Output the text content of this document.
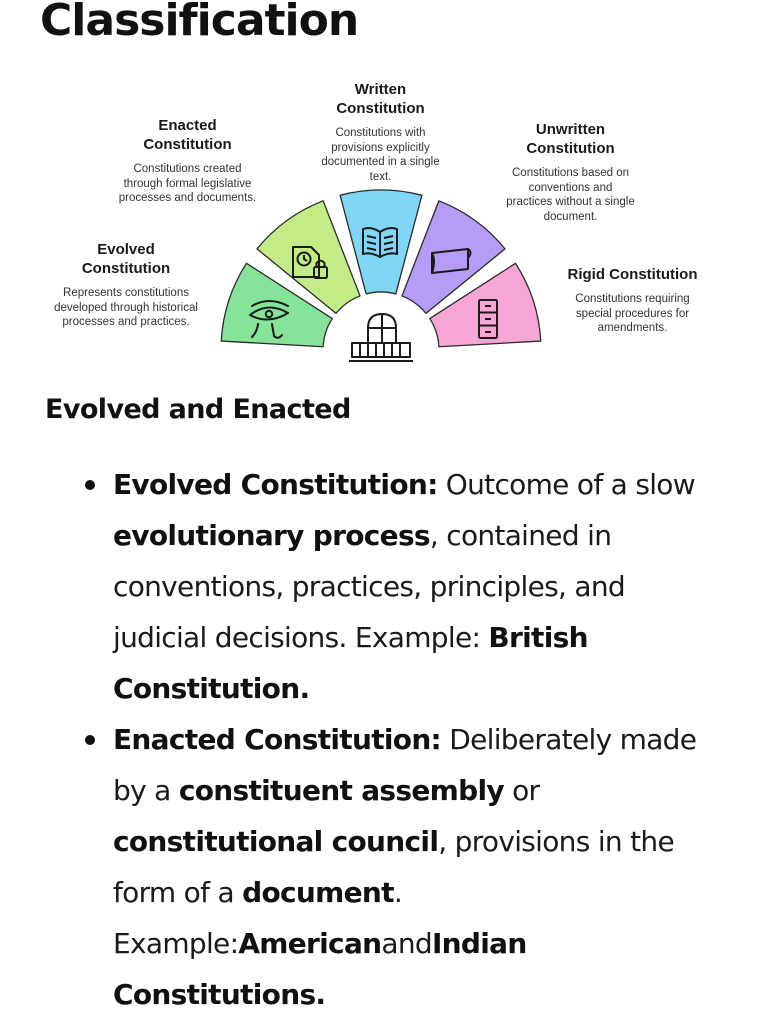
Classification
Evolved Constitution
Represents constitutions developed through historical processes and practices.
Enacted Constitution
Constitutions created through formal legislative processes and documents.
Written Constitution
Constitutions with provisions explicitly documented in a single text.
Unwritten Constitution
Constitutions based on conventions and practices without a single document.
Rigid Constitution
Constitutions requiring special procedures for amendments.
Evolved and Enacted
Evolved Constitution: Outcome of a slow evolutionary process, contained in conventions, practices, principles, and judicial decisions. Example: British Constitution.
Enacted Constitution: Deliberately made by a constituent assembly or constitutional council, provisions in the form of a document. Example:AmericanandIndian Constitutions.
